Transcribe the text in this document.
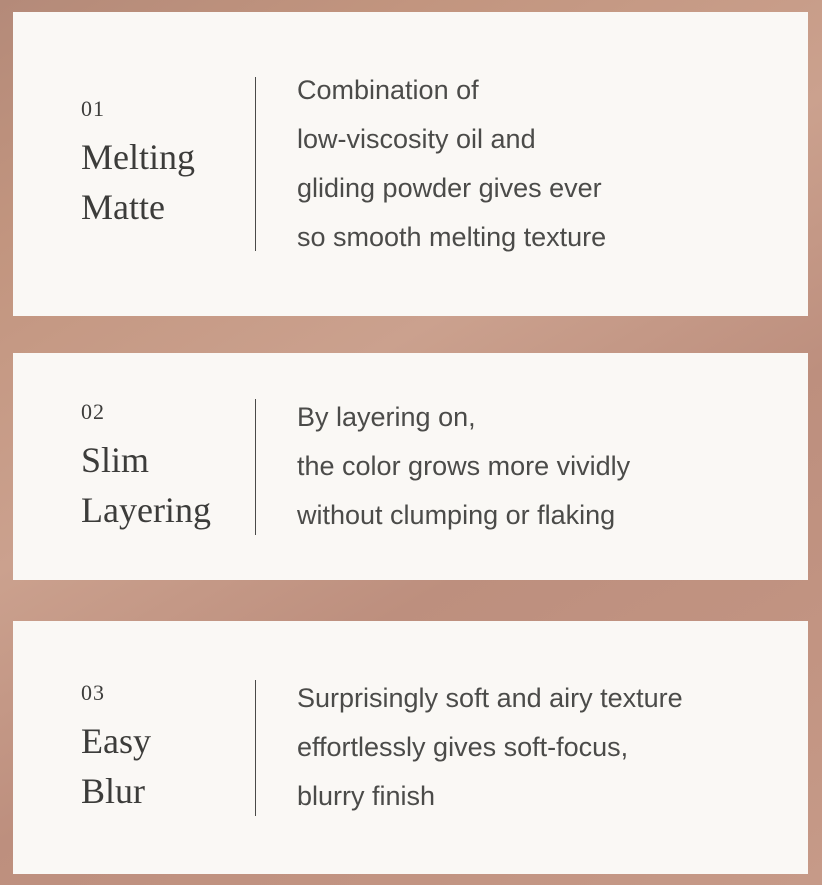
01
Melting
Matte
Combination of
low-viscosity oil and
gliding powder gives ever
so smooth melting texture
02
Slim
Layering
By layering on,
the color grows more vividly
without clumping or flaking
03
Easy
Blur
Surprisingly soft and airy texture
effortlessly gives soft-focus,
blurry finish
